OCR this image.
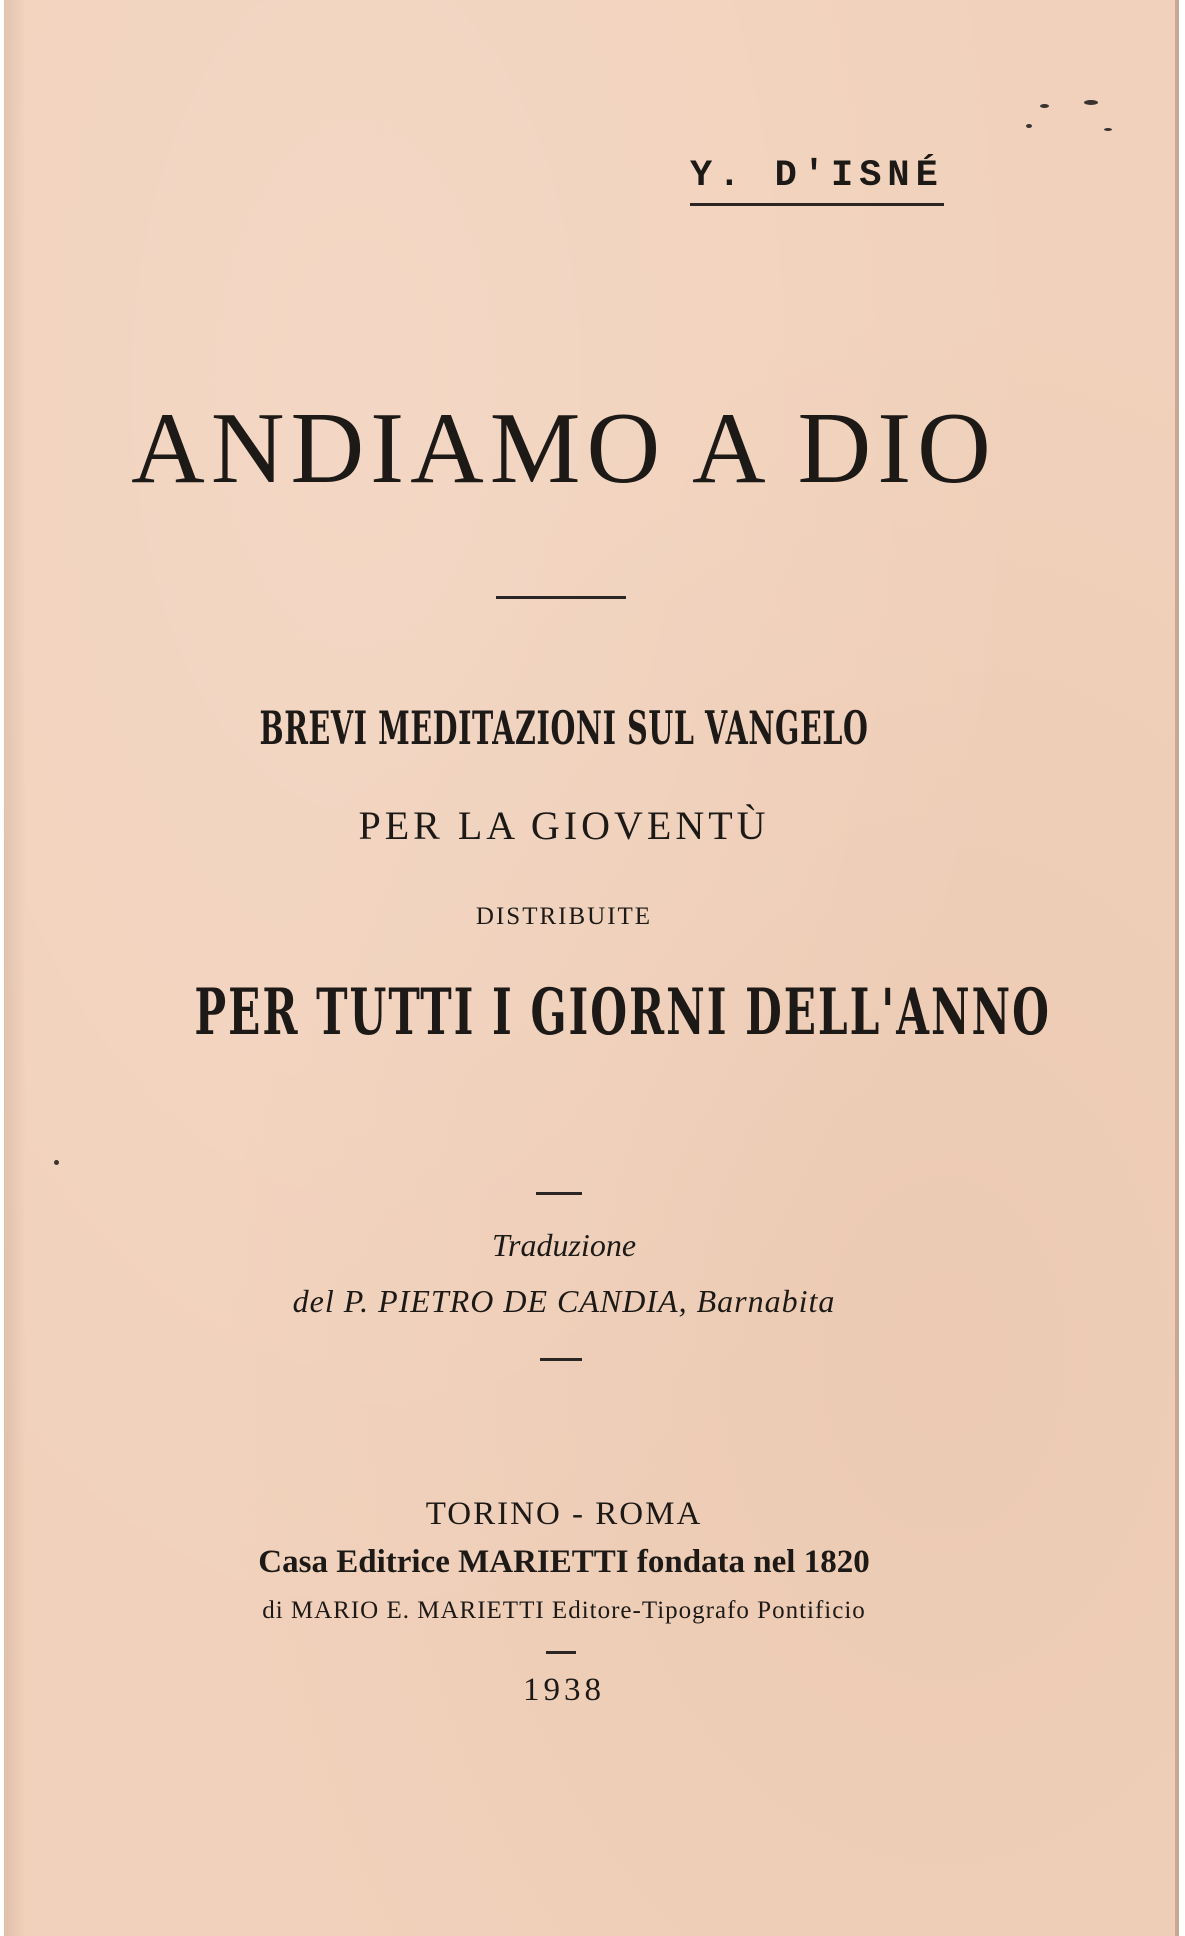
Y. D'ISNÉ
ANDIAMO A DIO
BREVI MEDITAZIONI SUL VANGELO
PER LA GIOVENTÙ
DISTRIBUITE
PER TUTTI I GIORNI DELL'ANNO
Traduzione
del P. PIETRO DE CANDIA, Barnabita
TORINO - ROMA
Casa Editrice MARIETTI fondata nel 1820
di MARIO E. MARIETTI Editore-Tipografo Pontificio
1938
